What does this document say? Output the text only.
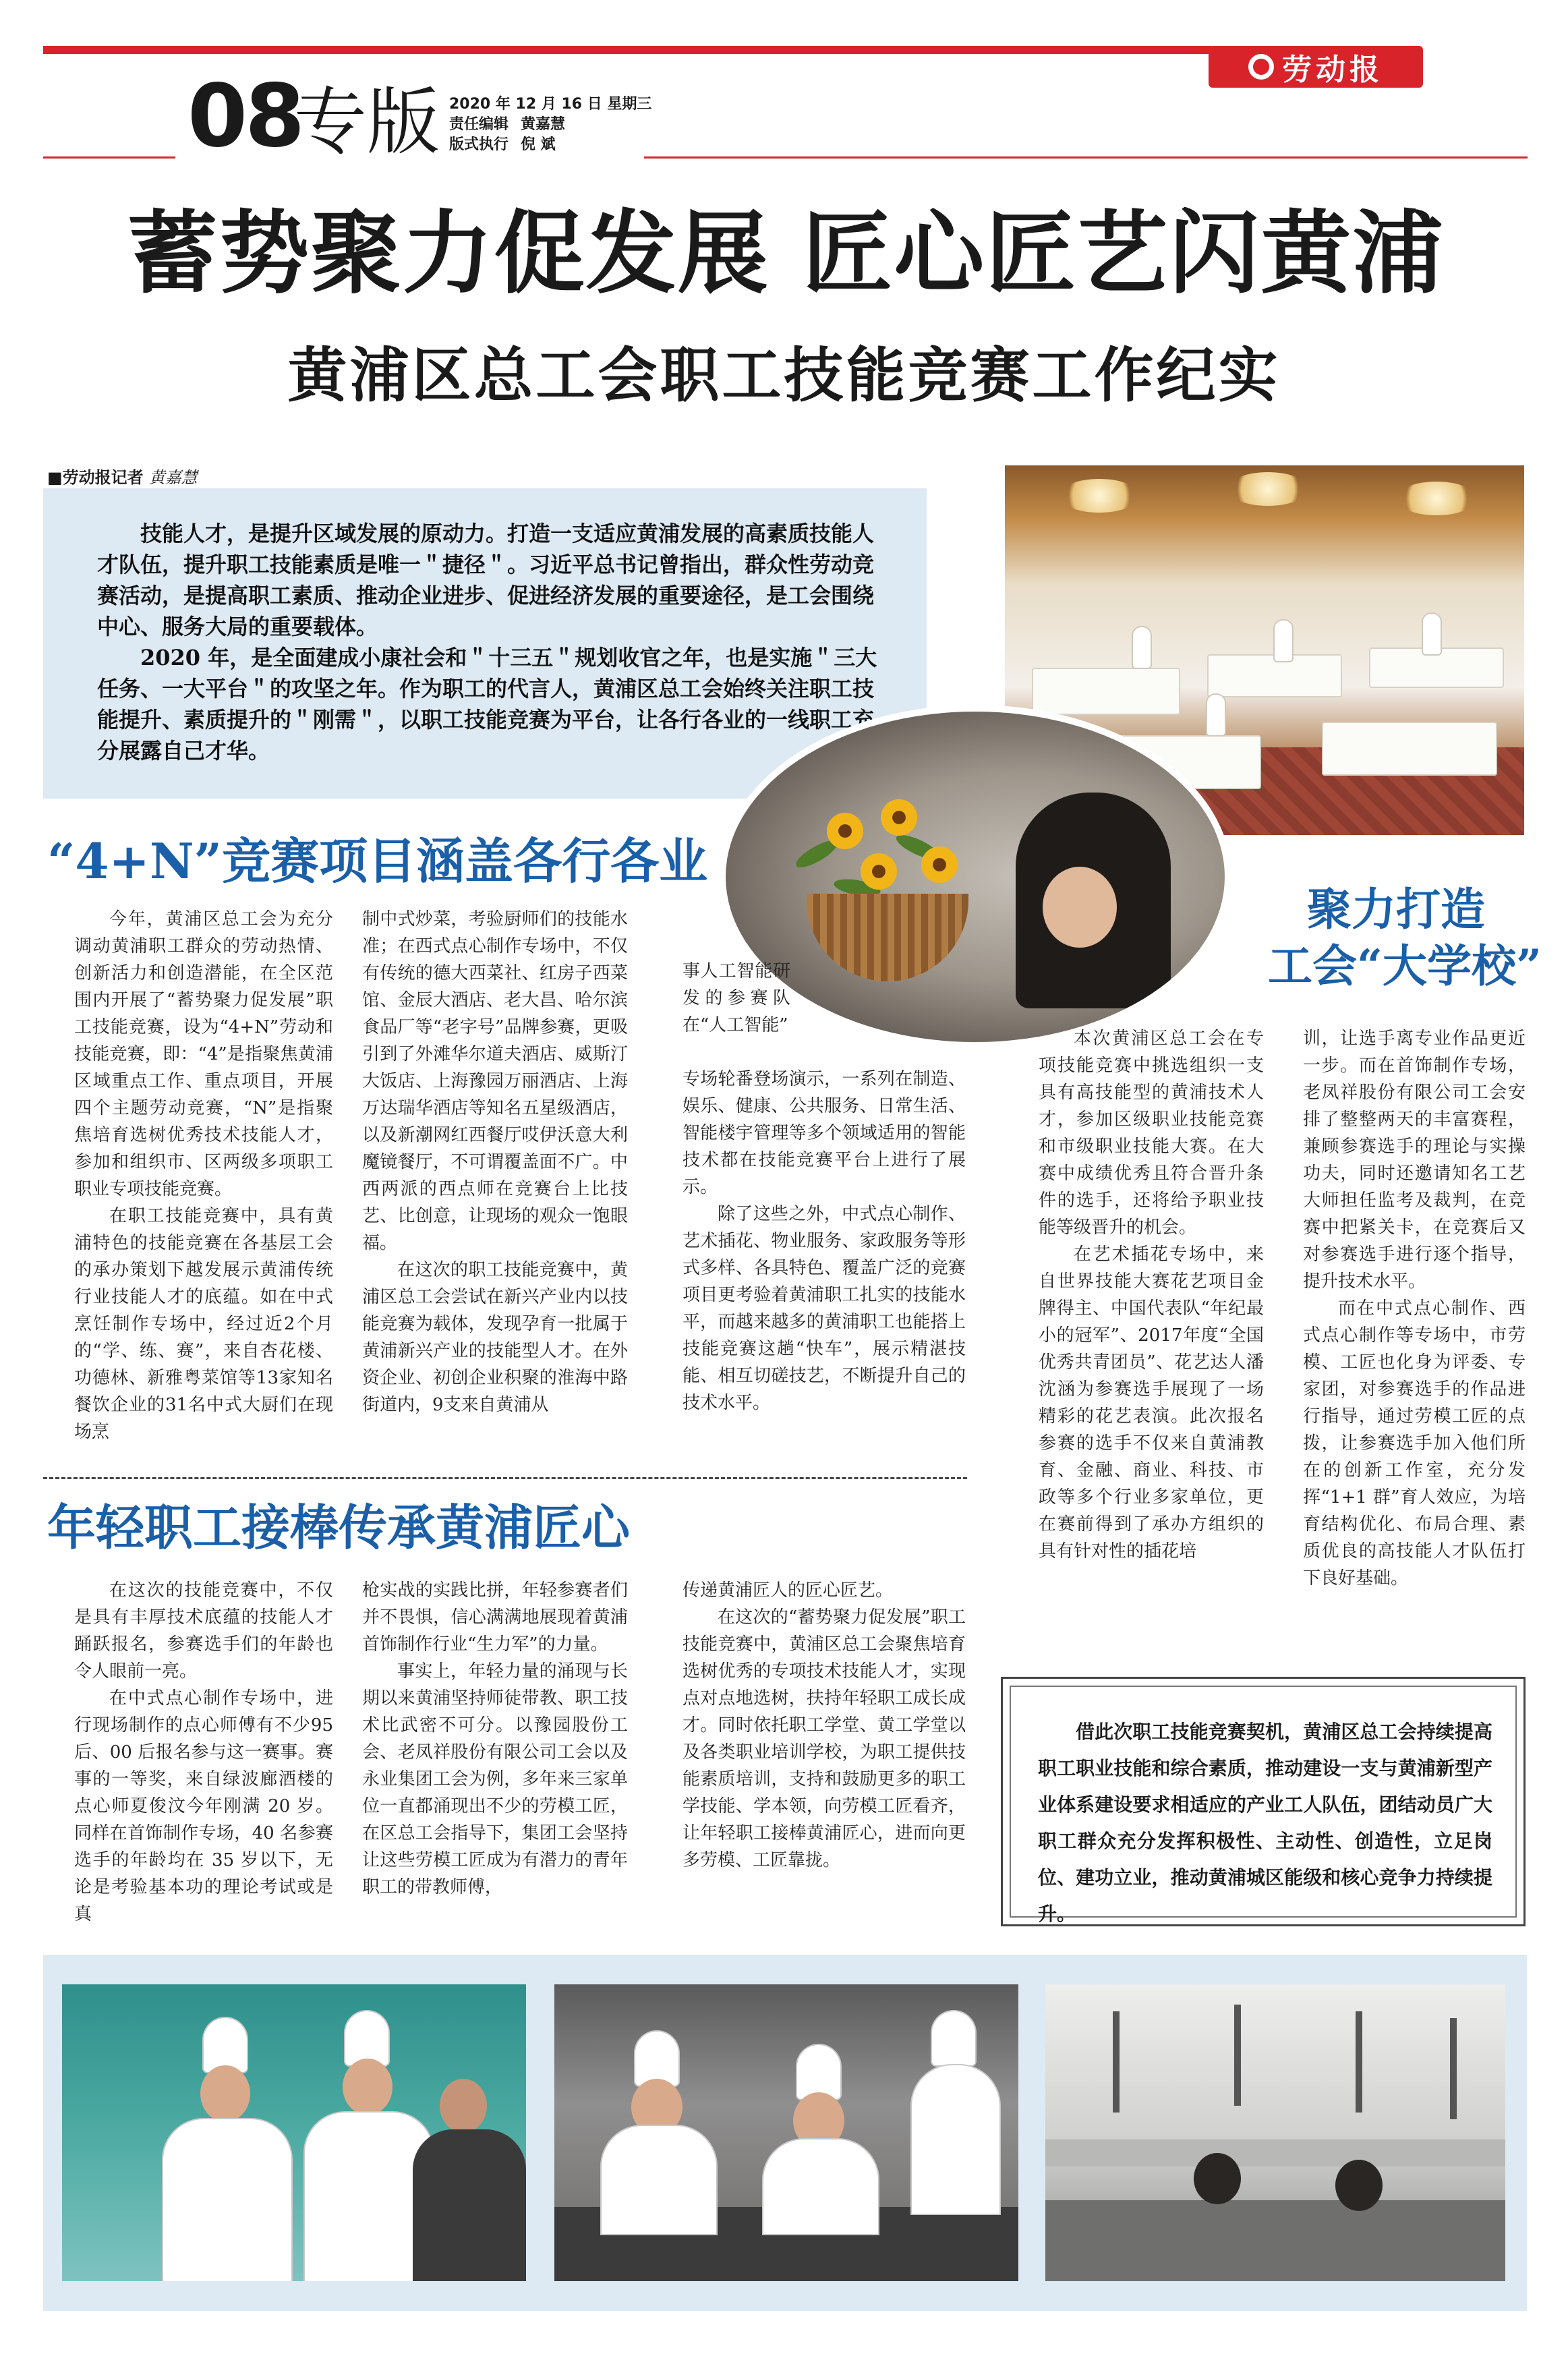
劳动报
08
专版 2020 年 12 月 16 日 星期三
责任编辑 黄嘉慧
版式执行 倪 斌
蓄势聚力促发展 匠心匠艺闪黄浦
黄浦区总工会职工技能竞赛工作纪实
■劳动报记者 黄嘉慧

技能人才，是提升区域发展的原动力。打造一支适应黄浦发展的高素质技能人才队伍，提升职工技能素质是唯一＂捷径＂。习近平总书记曾指出，群众性劳动竞赛活动，是提高职工素质、推动企业进步、促进经济发展的重要途径，是工会围绕中心、服务大局的重要载体。

2020 年，是全面建成小康社会和＂十三五＂规划收官之年，也是实施＂三大任务、一大平台＂的攻坚之年。作为职工的代言人，黄浦区总工会始终关注职工技能提升、素质提升的＂刚需＂，以职工技能竞赛为平台，让各行各业的一线职工充分展露自己才华。

“4+N”竞赛项目涵盖各行各业

今年，黄浦区总工会为充分调动黄浦职工群众的劳动热情、创新活力和创造潜能，在全区范围内开展了“蓄势聚力促发展”职工技能竞赛，设为“4+N”劳动和技能竞赛，即：“4”是指聚焦黄浦区域重点工作、重点项目，开展四个主题劳动竞赛，“N”是指聚焦培育选树优秀技术技能人才，参加和组织市、区两级多项职工职业专项技能竞赛。

在职工技能竞赛中，具有黄浦特色的技能竞赛在各基层工会的承办策划下越发展示黄浦传统行业技能人才的底蕴。如在中式烹饪制作专场中，经过近2个月的“学、练、赛”，来自杏花楼、功德林、新雅粤菜馆等13家知名餐饮企业的31名中式大厨们在现场烹

制中式炒菜，考验厨师们的技能水准；在西式点心制作专场中，不仅有传统的德大西菜社、红房子西菜馆、金辰大酒店、老大昌、哈尔滨食品厂等“老字号”品牌参赛，更吸引到了外滩华尔道夫酒店、威斯汀大饭店、上海豫园万丽酒店、上海万达瑞华酒店等知名五星级酒店，以及新潮网红西餐厅哎伊沃意大利魔镜餐厅，不可谓覆盖面不广。中西两派的西点师在竞赛台上比技艺、比创意，让现场的观众一饱眼福。

在这次的职工技能竞赛中，黄浦区总工会尝试在新兴产业内以技能竞赛为载体，发现孕育一批属于黄浦新兴产业的技能型人才。在外资企业、初创企业积聚的淮海中路街道内，9支来自黄浦从

事人工智能研发的参赛队在“人工智能”

专场轮番登场演示，一系列在制造、娱乐、健康、公共服务、日常生活、智能楼宇管理等多个领域适用的智能技术都在技能竞赛平台上进行了展示。

除了这些之外，中式点心制作、艺术插花、物业服务、家政服务等形式多样、各具特色、覆盖广泛的竞赛项目更考验着黄浦职工扎实的技能水平，而越来越多的黄浦职工也能搭上技能竞赛这趟“快车”，展示精湛技能、相互切磋技艺，不断提升自己的技术水平。

聚力打造
工会“大学校”

本次黄浦区总工会在专项技能竞赛中挑选组织一支具有高技能型的黄浦技术人才，参加区级职业技能竞赛和市级职业技能大赛。在大赛中成绩优秀且符合晋升条件的选手，还将给予职业技能等级晋升的机会。

在艺术插花专场中，来自世界技能大赛花艺项目金牌得主、中国代表队“年纪最小的冠军”、2017年度“全国优秀共青团员”、花艺达人潘沈涵为参赛选手展现了一场精彩的花艺表演。此次报名参赛的选手不仅来自黄浦教育、金融、商业、科技、市政等多个行业多家单位，更在赛前得到了承办方组织的具有针对性的插花培

训，让选手离专业作品更近一步。而在首饰制作专场，老凤祥股份有限公司工会安排了整整两天的丰富赛程，兼顾参赛选手的理论与实操功夫，同时还邀请知名工艺大师担任监考及裁判，在竞赛中把紧关卡，在竞赛后又对参赛选手进行逐个指导，提升技术水平。

而在中式点心制作、西式点心制作等专场中，市劳模、工匠也化身为评委、专家团，对参赛选手的作品进行指导，通过劳模工匠的点拨，让参赛选手加入他们所在的创新工作室，充分发挥“1+1 群”育人效应，为培育结构优化、布局合理、素质优良的高技能人才队伍打下良好基础。

年轻职工接棒传承黄浦匠心

在这次的技能竞赛中，不仅是具有丰厚技术底蕴的技能人才踊跃报名，参赛选手们的年龄也令人眼前一亮。

在中式点心制作专场中，进行现场制作的点心师傅有不少95 后、00 后报名参与这一赛事。赛事的一等奖，来自绿波廊酒楼的点心师夏俊汶今年刚满 20 岁。同样在首饰制作专场，40 名参赛选手的年龄均在 35 岁以下，无论是考验基本功的理论考试或是真

枪实战的实践比拼，年轻参赛者们并不畏惧，信心满满地展现着黄浦首饰制作行业“生力军”的力量。

事实上，年轻力量的涌现与长期以来黄浦坚持师徒带教、职工技术比武密不可分。以豫园股份工会、老凤祥股份有限公司工会以及永业集团工会为例，多年来三家单位一直都涌现出不少的劳模工匠，在区总工会指导下，集团工会坚持让这些劳模工匠成为有潜力的青年职工的带教师傅，

传递黄浦匠人的匠心匠艺。

在这次的“蓄势聚力促发展”职工技能竞赛中，黄浦区总工会聚焦培育选树优秀的专项技术技能人才，实现点对点地选树，扶持年轻职工成长成才。同时依托职工学堂、黄工学堂以及各类职业培训学校，为职工提供技能素质培训，支持和鼓励更多的职工学技能、学本领，向劳模工匠看齐，让年轻职工接棒黄浦匠心，进而向更多劳模、工匠靠拢。

借此次职工技能竞赛契机，黄浦区总工会持续提高职工职业技能和综合素质，推动建设一支与黄浦新型产业体系建设要求相适应的产业工人队伍，团结动员广大职工群众充分发挥积极性、主动性、创造性，立足岗位、建功立业，推动黄浦城区能级和核心竞争力持续提升。
